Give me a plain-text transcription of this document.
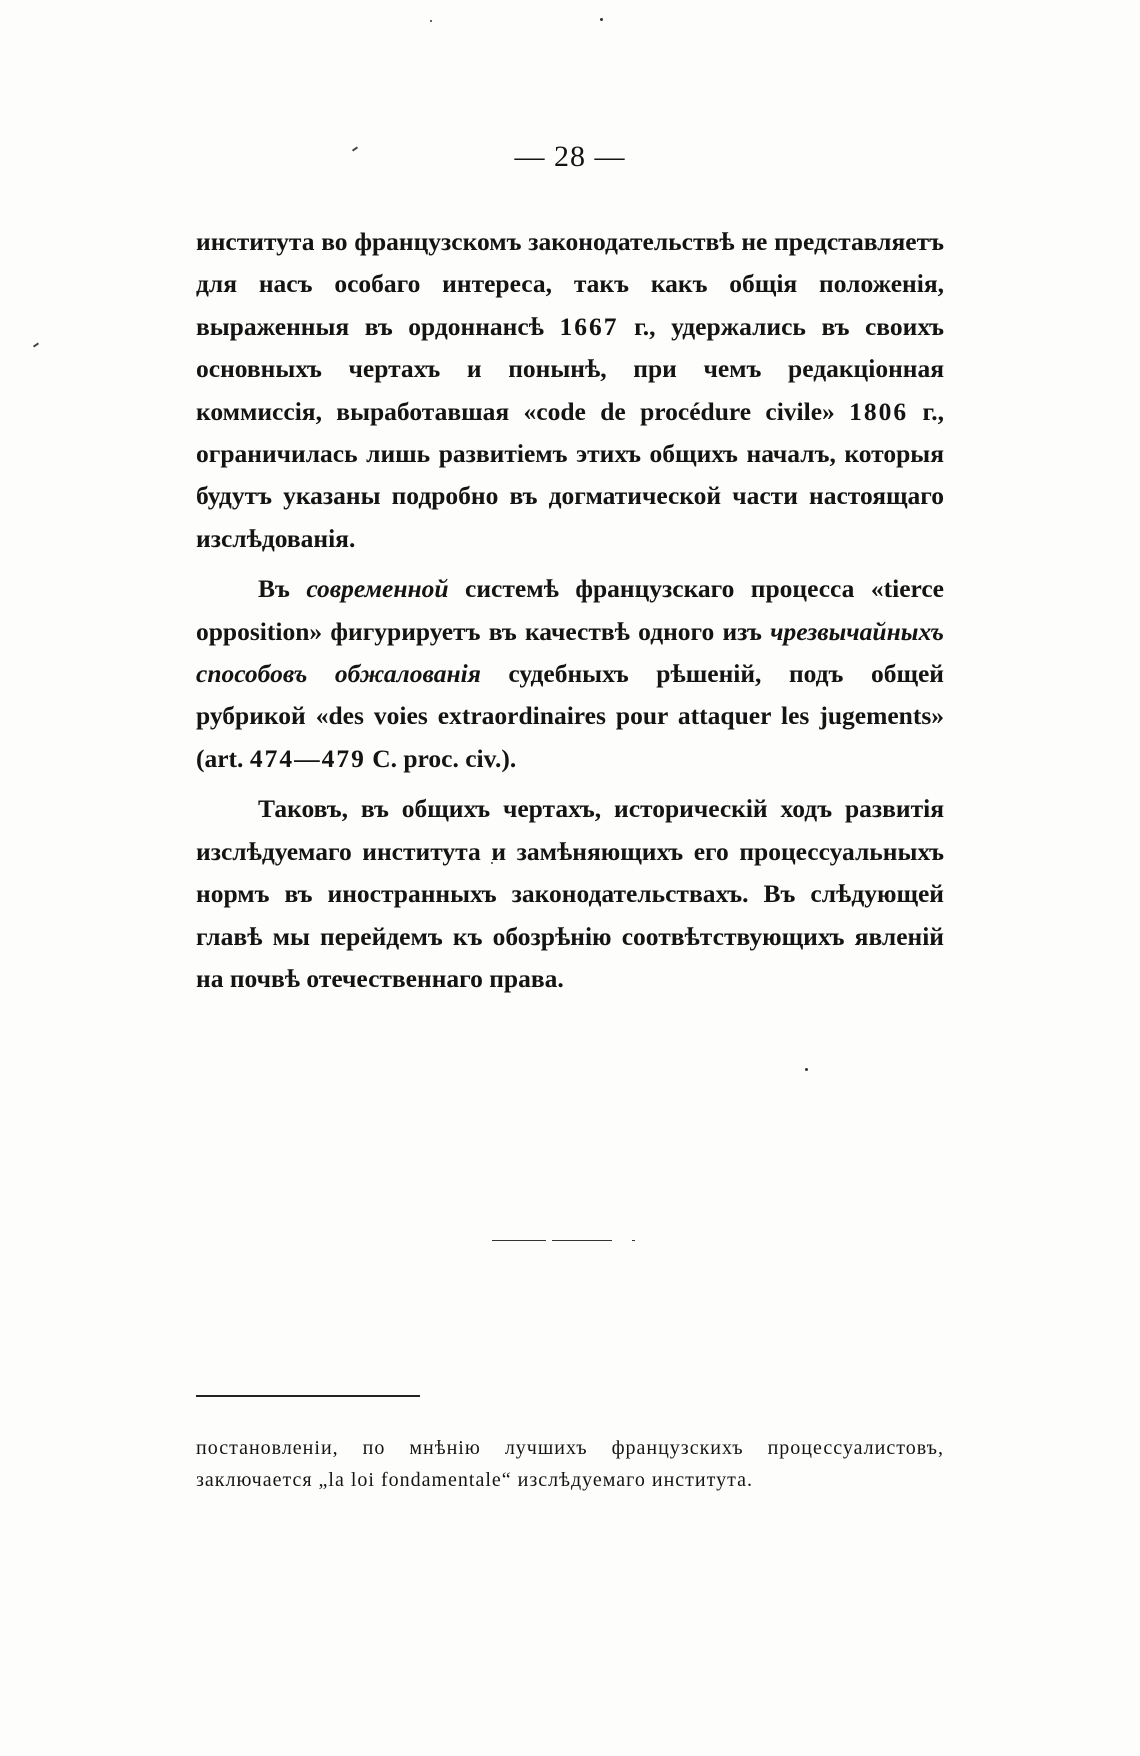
— 28 —

института во французскомъ законодательствѣ не представляетъ для насъ особаго интереса, такъ какъ общія положенія, выраженныя въ ордоннансѣ 1667 г., удержались въ своихъ основныхъ чертахъ и понынѣ, при чемъ редакціонная коммиссія, выработавшая «code de procédure civile» 1806 г., ограничилась лишь развитіемъ этихъ общихъ началъ, которыя будутъ указаны подробно въ догматической части настоящаго изслѣдованія.

Въ современной системѣ французскаго процесса «tierce opposition» фигурируетъ въ качествѣ одного изъ чрезвычайныхъ способовъ обжалованія судебныхъ рѣшеній, подъ общей рубрикой «des voies extraordinaires pour attaquer les jugements» (art. 474—479 C. proc. civ.).

Таковъ, въ общихъ чертахъ, историческій ходъ развитія изслѣдуемаго института и замѣняющихъ его процессуальныхъ нормъ въ иностранныхъ законодательствахъ. Въ слѣдующей главѣ мы перейдемъ къ обозрѣнію соотвѣтствующихъ явленій на почвѣ отечественнаго права.

постановленіи, по мнѣнію лучшихъ французскихъ процессуалистовъ, заключается „la loi fondamentale“ изслѣдуемаго института.
